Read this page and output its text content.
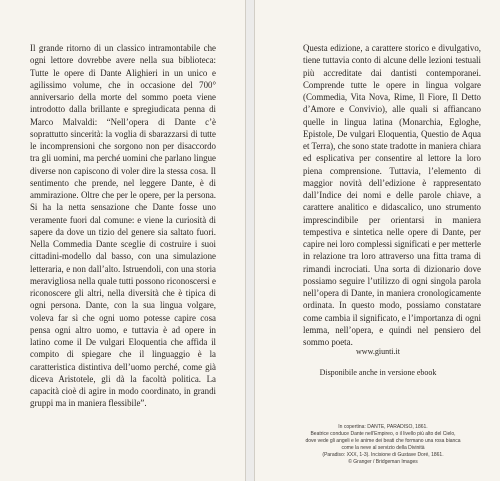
Il grande ritorno di un classico intramontabile che ogni lettore dovrebbe avere nella sua biblioteca: Tutte le opere di Dante Alighieri in un unico e agilissimo volume, che in occasione del 700° anniversario della morte del sommo poeta viene introdotto dalla brillante e spregiudicata penna di Marco Malvaldi: “Nell’opera di Dante c’è soprattutto sincerità: la voglia di sbarazzarsi di tutte le incomprensioni che sorgono non per disaccordo tra gli uomini, ma perché uomini che parlano lingue diverse non capiscono di voler dire la stessa cosa. Il sentimento che prende, nel leggere Dante, è di ammirazione. Oltre che per le opere, per la persona. Si ha la netta sensazione che Dante fosse uno veramente fuori dal comune: e viene la curiosità di sapere da dove un tizio del genere sia saltato fuori. Nella Commedia Dante sceglie di costruire i suoi cittadini-modello dal basso, con una simulazione letteraria, e non dall’alto. Istruendoli, con una storia meravigliosa nella quale tutti possono riconoscersi e riconoscere gli altri, nella diversità che è tipica di ogni persona. Dante, con la sua lingua volgare, voleva far sì che ogni uomo potesse capire cosa pensa ogni altro uomo, e tuttavia è ad opere in latino come il De vulgari Eloquentia che affida il compito di spiegare che il linguaggio è la caratteristica distintiva dell’uomo perché, come già diceva Aristotele, gli dà la facoltà politica. La capacità cioè di agire in modo coordinato, in grandi gruppi ma in maniera flessibile”.

Questa edizione, a carattere storico e divulgativo, tiene tuttavia conto di alcune delle lezioni testuali più accreditate dai dantisti contemporanei. Comprende tutte le opere in lingua volgare (Commedia, Vita Nova, Rime, Il Fiore, Il Detto d’Amore e Convivio), alle quali si affiancano quelle in lingua latina (Monarchia, Egloghe, Epistole, De vulgari Eloquentia, Questio de Aqua et Terra), che sono state tradotte in maniera chiara ed esplicativa per consentire al lettore la loro piena comprensione. Tuttavia, l’elemento di maggior novità dell’edizione è rappresentato dall’Indice dei nomi e delle parole chiave, a carattere analitico e didascalico, uno strumento imprescindibile per orientarsi in maniera tempestiva e sintetica nelle opere di Dante, per capire nei loro complessi significati e per metterle in relazione tra loro attraverso una fitta trama di rimandi incrociati. Una sorta di dizionario dove possiamo seguire l’utilizzo di ogni singola parola nell’opera di Dante, in maniera cronologicamente ordinata. In questo modo, possiamo constatare come cambia il significato, e l’importanza di ogni lemma, nell’opera, e quindi nel pensiero del sommo poeta.

www.giunti.it
Disponibile anche in versione ebook
In copertina: DANTE, PARADISO, 1861.
Beatrice conduce Dante nell’Empireo, o il livello più alto del Cielo,
dove vede gli angeli e le anime dei beati che formano una rosa bianca
come la neve al servizio della Divinità
(Paradiso: XXX, 1-3). Incisione di Gustave Doré, 1861.
© Granger / Bridgeman Images
